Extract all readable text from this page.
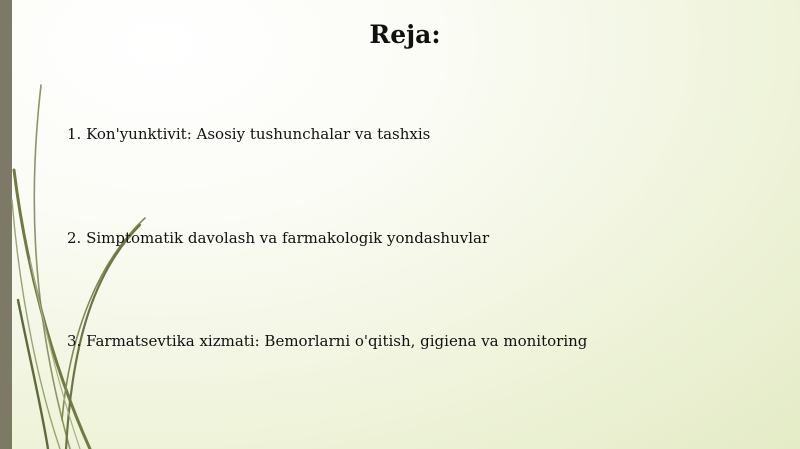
Reja:
1. Kon'yunktivit: Asosiy tushunchalar va tashxis
2. Simptomatik davolash va farmakologik yondashuvlar
3. Farmatsevtika xizmati: Bemorlarni o'qitish, gigiena va monitoring
